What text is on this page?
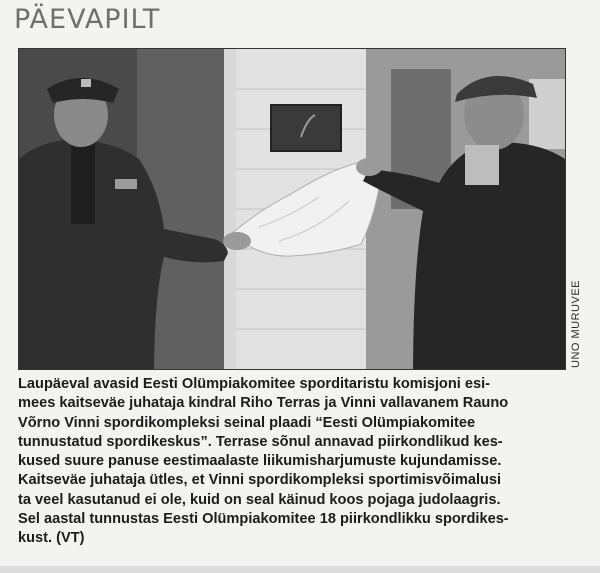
PÄEVAPILT
UNO MURUVEE

Laupäeval avasid Eesti Olümpiakomitee sporditaristu komisjoni esi-
mees kaitseväe juhataja kindral Riho Terras ja Vinni vallavanem Rauno
Võrno Vinni spordikompleksi seinal plaadi “Eesti Olümpiakomitee
tunnustatud spordikeskus”. Terrase sõnul annavad piirkondlikud kes-
kused suure panuse eestimaalaste liikumisharjumuste kujundamisse.
Kaitseväe juhataja ütles, et Vinni spordikompleksi sportimisvõimalusi
ta veel kasutanud ei ole, kuid on seal käinud koos pojaga judolaagris.
Sel aastal tunnustas Eesti Olümpiakomitee 18 piirkondlikku spordikes-
kust. (VT)
